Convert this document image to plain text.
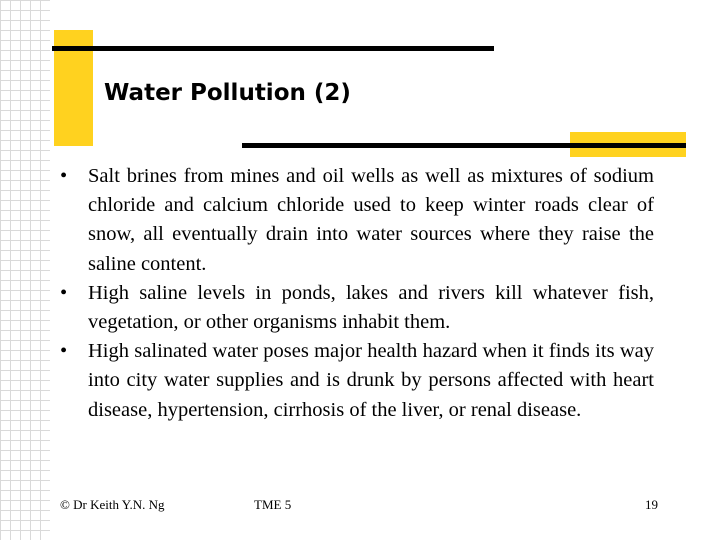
Water Pollution (2)
• Salt brines from mines and oil wells as well as mixtures of sodium chloride and calcium chloride used to keep winter roads clear of snow, all eventually drain into water sources where they raise the saline content.
• High saline levels in ponds, lakes and rivers kill whatever fish, vegetation, or other organisms inhabit them.
• High salinated water poses major health hazard when it finds its way into city water supplies and is drunk by persons affected with heart disease, hypertension, cirrhosis of the liver, or renal disease.
© Dr Keith Y.N. Ng	TME 5	19
